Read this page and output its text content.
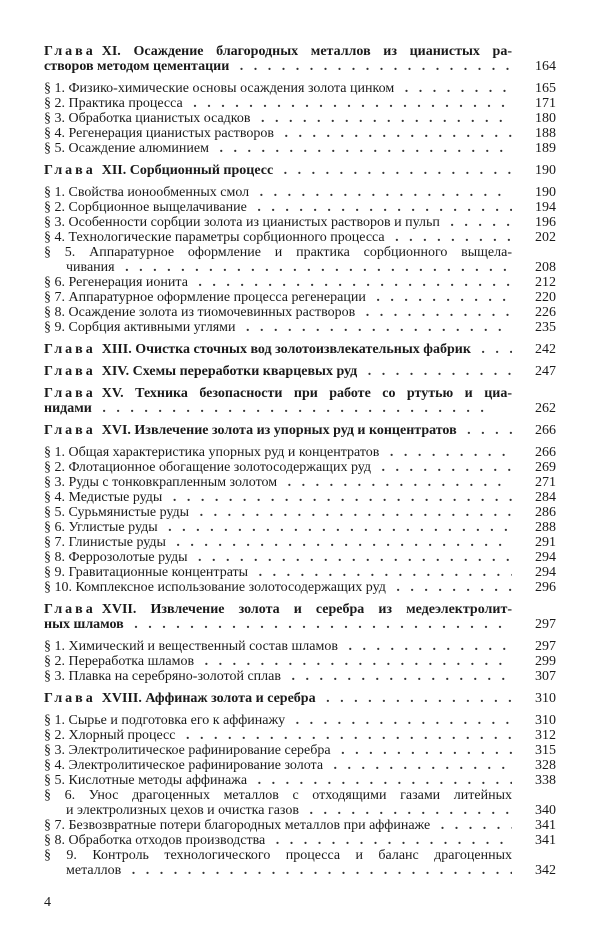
Глава XI. Осаждение благородных металлов из цианистых ра-
164
створов методом цементации
. .
165
§ 1. Физико-химические основы осаждения золота цинком
. .
171
§ 2. Практика процесса
. .
180
§ 3. Обработка цианистых осадков
. .
188
§ 4. Регенерация цианистых растворов
. .
189
§ 5. Осаждение алюминием
. .
190
Глава XII. Сорбционный процесс
. .
190
§ 1. Свойства ионообменных смол
. .
194
§ 2. Сорбционное выщелачивание
. .
196
§ 3. Особенности сорбции золота из цианистых растворов и пульп
. .
202
§ 4. Технологические параметры сорбционного процесса
. .
§ 5. Аппаратурное оформление и практика сорбционного выщела-
208
чивания
. .
212
§ 6. Регенерация ионита
. .
220
§ 7. Аппаратурное оформление процесса регенерации
. .
226
§ 8. Осаждение золота из тиомочевинных растворов
. .
235
§ 9. Сорбция активными углями
. .
242
Глава XIII. Очистка сточных вод золотоизвлекательных фабрик
. .
247
Глава XIV. Схемы переработки кварцевых руд
. .
Глава XV. Техника безопасности при работе со ртутью и циа-
262
нидами
. .
266
Глава XVI. Извлечение золота из упорных руд и концентратов
. .
266
§ 1. Общая характеристика упорных руд и концентратов
. .
269
§ 2. Флотационное обогащение золотосодержащих руд
. .
271
§ 3. Руды с тонковкрапленным золотом
. .
284
§ 4. Медистые руды
. .
286
§ 5. Сурьмянистые руды
. .
288
§ 6. Углистые руды
. .
291
§ 7. Глинистые руды
. .
294
§ 8. Феррозолотые руды
. .
294
§ 9. Гравитационные концентраты
. .
296
§ 10. Комплексное использование золотосодержащих руд
. .
Глава XVII. Извлечение золота и серебра из медеэлектролит-
297
ных шламов
. .
297
§ 1. Химический и вещественный состав шламов
. .
299
§ 2. Переработка шламов
. .
307
§ 3. Плавка на серебряно-золотой сплав
. .
310
Глава XVIII. Аффинаж золота и серебра
. .
310
§ 1. Сырье и подготовка его к аффинажу
. .
312
§ 2. Хлорный процесс
. .
315
§ 3. Электролитическое рафинирование серебра
. .
328
§ 4. Электролитическое рафинирование золота
. .
338
§ 5. Кислотные методы аффинажа
. .
§ 6. Унос драгоценных металлов с отходящими газами литейных
340
и электролизных цехов и очистка газов
. .
341
§ 7. Безвозвратные потери благородных металлов при аффинаже
. .
341
§ 8. Обработка отходов производства
. .
§ 9. Контроль технологического процесса и баланс драгоценных
342
металлов
. .
4
